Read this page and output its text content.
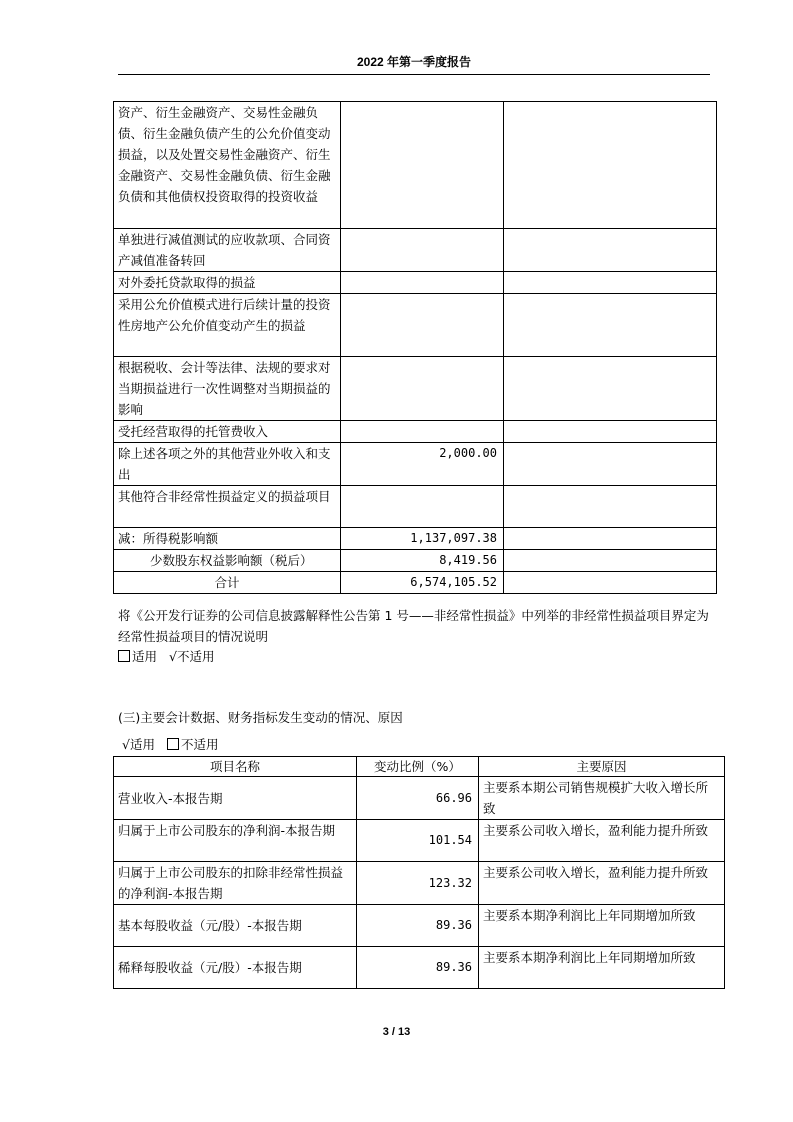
2022 年第一季度报告
资产、衍生金融资产、交易性金融负债、衍生金融负债产生的公允价值变动损益，以及处置交易性金融资产、衍生金融资产、交易性金融负债、衍生金融负债和其他债权投资取得的投资收益		
单独进行减值测试的应收款项、合同资产减值准备转回		
对外委托贷款取得的损益		
采用公允价值模式进行后续计量的投资性房地产公允价值变动产生的损益		
根据税收、会计等法律、法规的要求对当期损益进行一次性调整对当期损益的影响		
受托经营取得的托管费收入		
除上述各项之外的其他营业外收入和支出	2,000.00	
其他符合非经常性损益定义的损益项目		
减：所得税影响额	1,137,097.38	
少数股东权益影响额（税后）	8,419.56	
合计	6,574,105.52	
将《公开发行证券的公司信息披露解释性公告第 1 号——非经常性损益》中列举的非经常性损益项目界定为经常性损益项目的情况说明
适用 √不适用
(三)主要会计数据、财务指标发生变动的情况、原因
√适用 不适用
项目名称	变动比例（%）	主要原因
营业收入-本报告期	66.96	主要系本期公司销售规模扩大收入增长所致
归属于上市公司股东的净利润-本报告期	101.54	主要系公司收入增长，盈利能力提升所致
归属于上市公司股东的扣除非经常性损益的净利润-本报告期	123.32	主要系公司收入增长，盈利能力提升所致
基本每股收益（元/股）-本报告期	89.36	主要系本期净利润比上年同期增加所致
稀释每股收益（元/股）-本报告期	89.36	主要系本期净利润比上年同期增加所致
3 / 13
